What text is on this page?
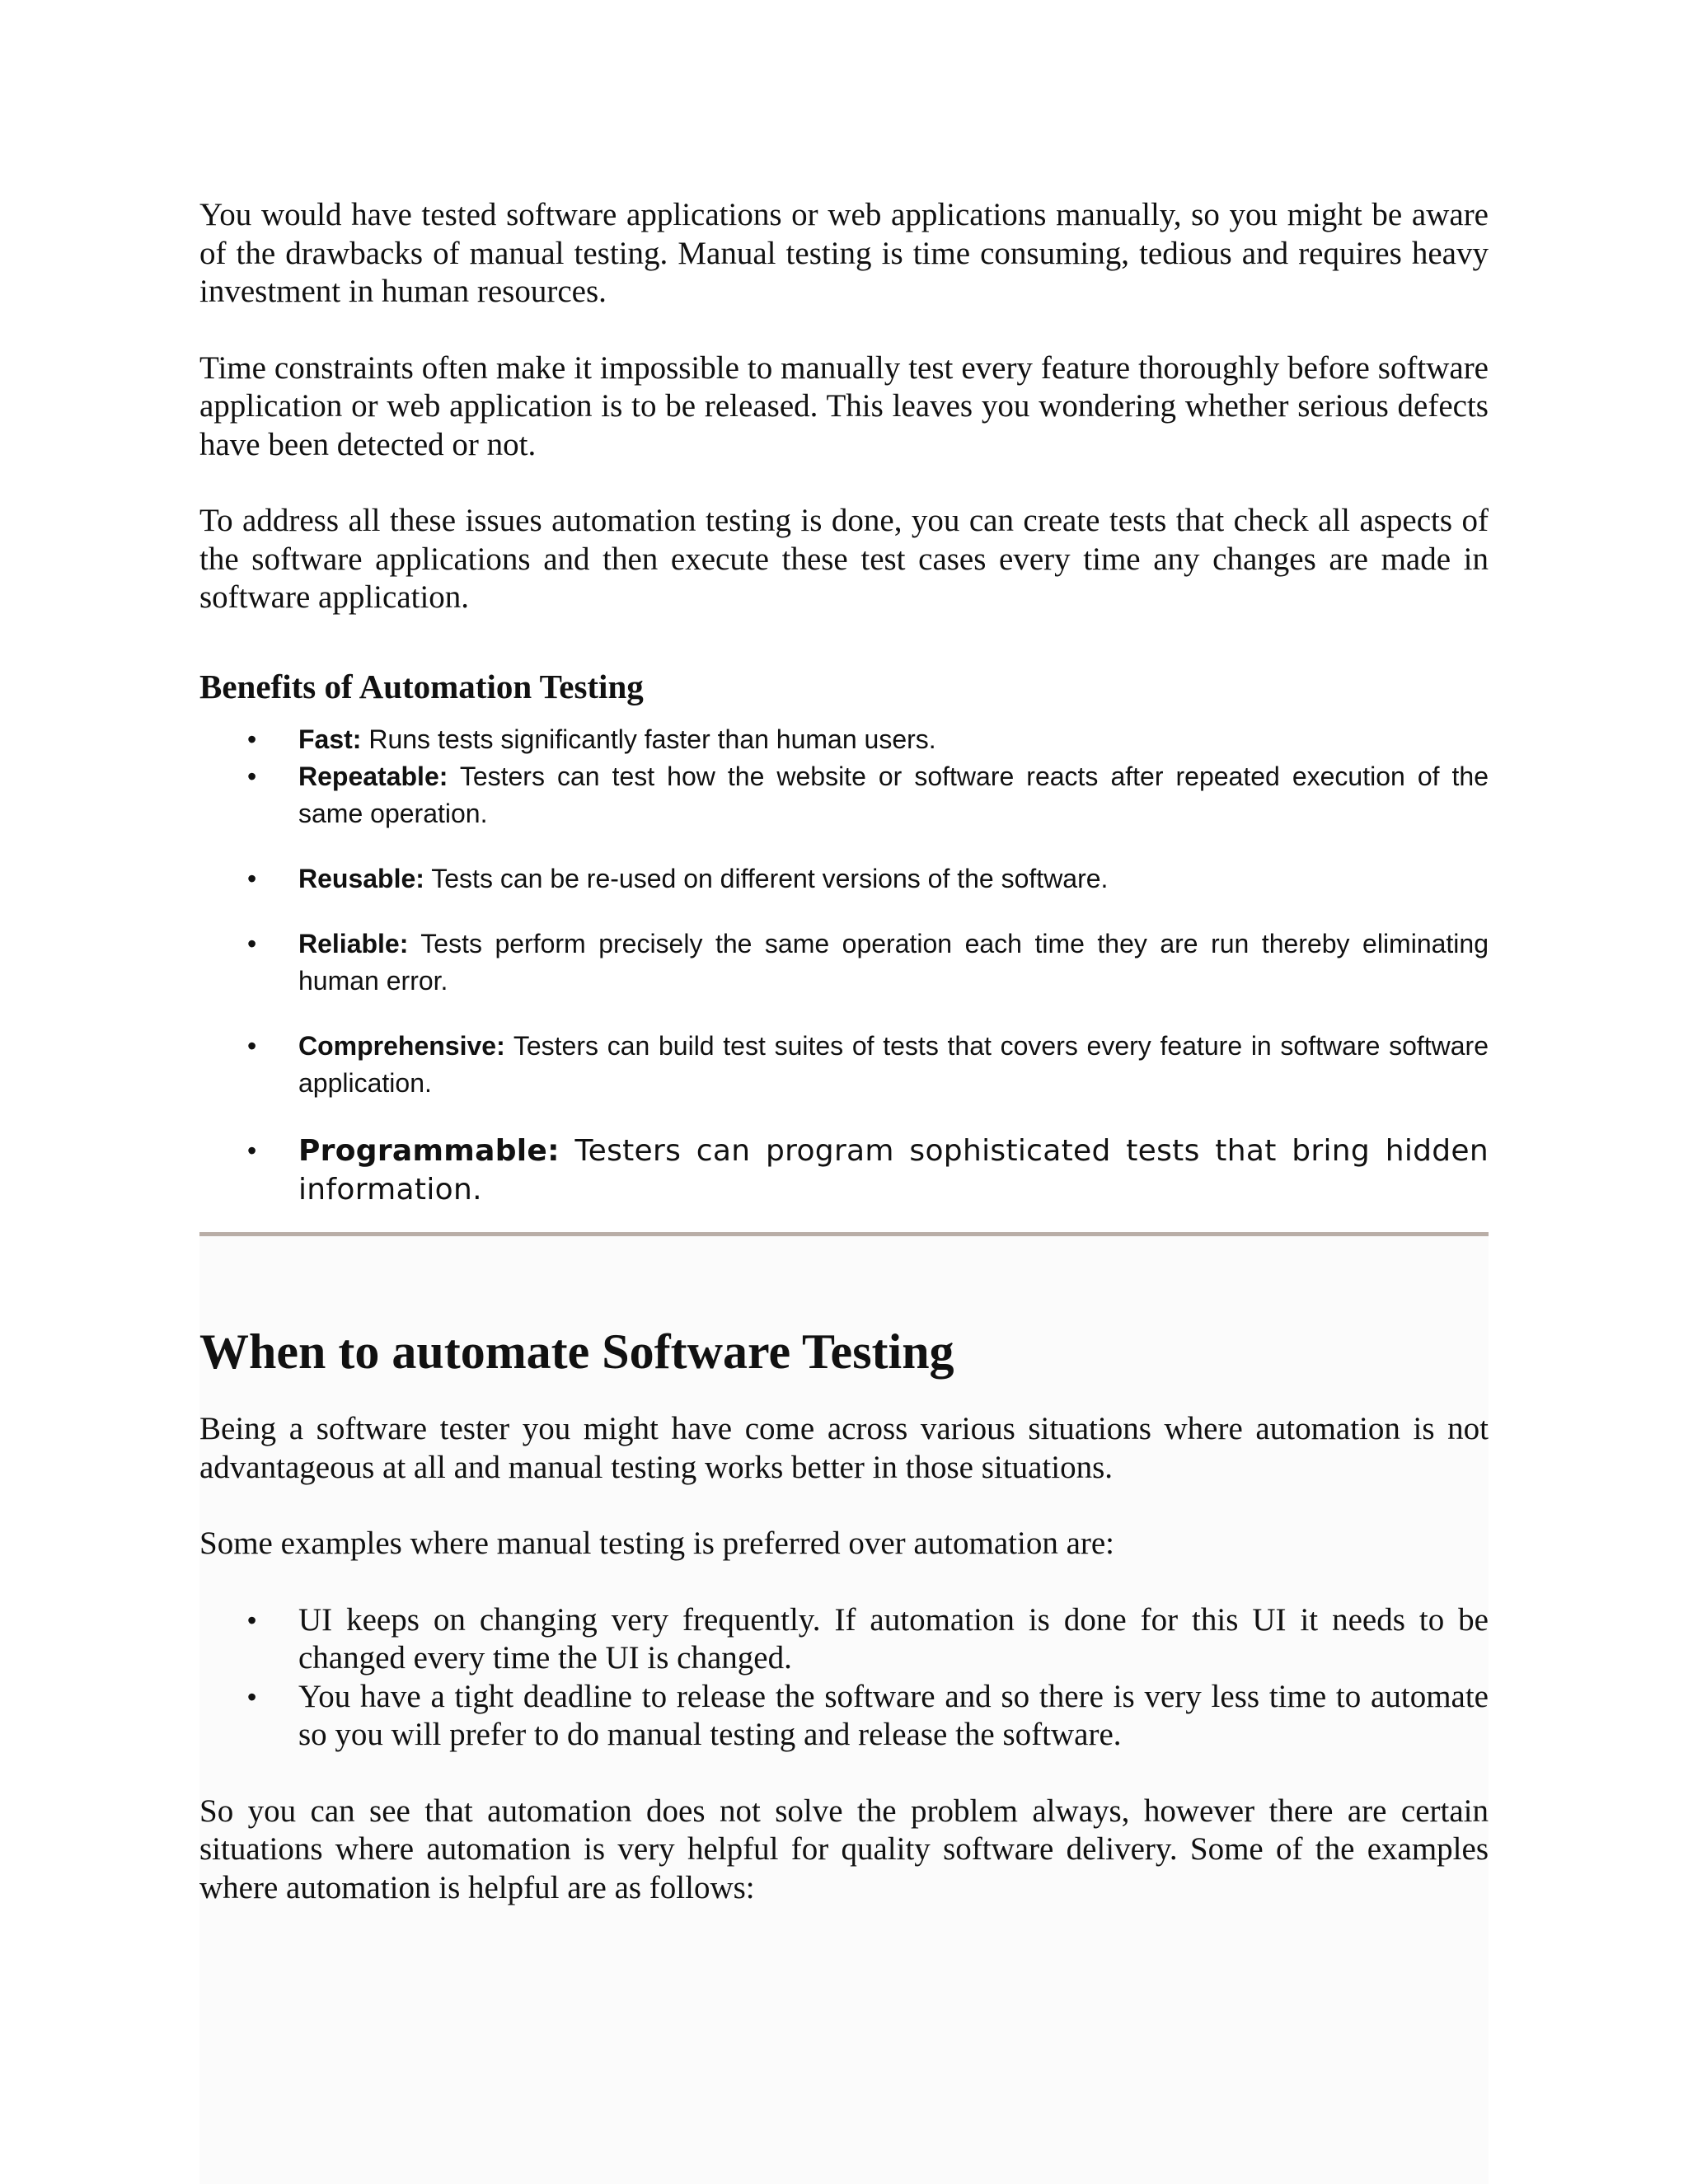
You would have tested software applications or web applications manually, so you might be aware of the drawbacks of manual testing. Manual testing is time consuming, tedious and requires heavy investment in human resources.

Time constraints often make it impossible to manually test every feature thoroughly before software application or web application is to be released. This leaves you wondering whether serious defects have been detected or not.

To address all these issues automation testing is done, you can create tests that check all aspects of the software applications and then execute these test cases every time any changes are made in software application.

Benefits of Automation Testing
• Fast: Runs tests significantly faster than human users.
• Repeatable: Testers can test how the website or software reacts after repeated execution of the same operation.
• Reusable: Tests can be re-used on different versions of the software.
• Reliable: Tests perform precisely the same operation each time they are run thereby eliminating human error.
• Comprehensive: Testers can build test suites of tests that covers every feature in software software application.
• Programmable: Testers can program sophisticated tests that bring hidden information.
When to automate Software Testing

Being a software tester you might have come across various situations where automation is not advantageous at all and manual testing works better in those situations.

Some examples where manual testing is preferred over automation are:

• UI keeps on changing very frequently. If automation is done for this UI it needs to be changed every time the UI is changed.
• You have a tight deadline to release the software and so there is very less time to automate so you will prefer to do manual testing and release the software.

So you can see that automation does not solve the problem always, however there are certain situations where automation is very helpful for quality software delivery. Some of the examples where automation is helpful are as follows:
